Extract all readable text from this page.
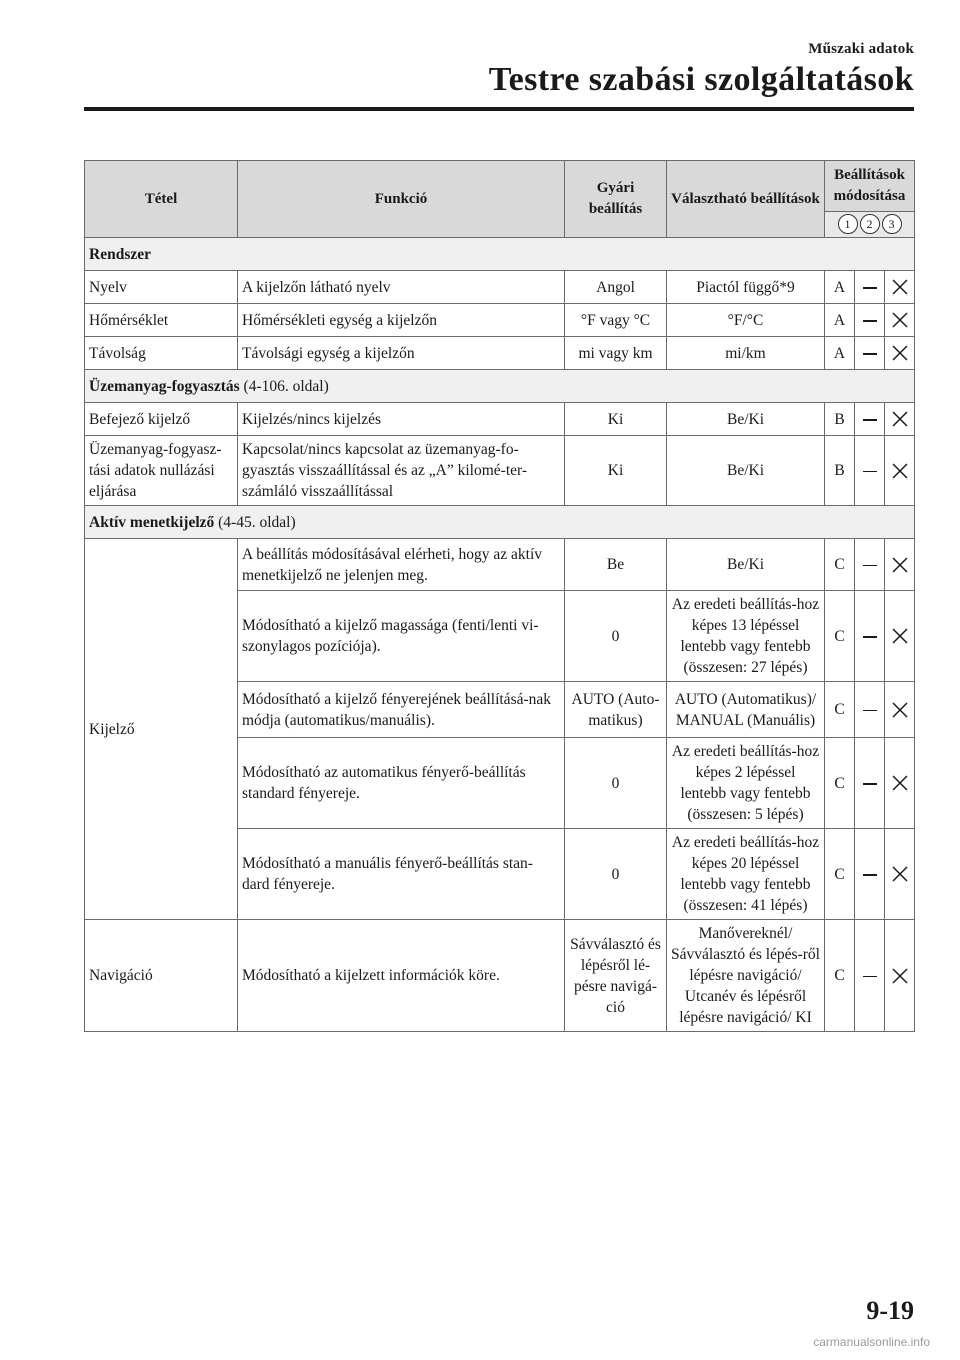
Műszaki adatok
Testre szabási szolgáltatások
Tétel	Funkció	Gyári beállítás	Választható beállítások	Beállítások módosítása		
				1 2 3		
Rendszer						
Nyelv	A kijelzőn látható nyelv	Angol	Piactól függő*9	A		

Hőmérséklet	Hőmérsékleti egység a kijelzőn	°F vagy °C	°F/°C	A		

Távolság	Távolsági egység a kijelzőn	mi vagy km	mi/km	A		

Üzemanyag-fogyasztás (4-106. oldal)						
Befejező kijelző	Kijelzés/nincs kijelzés	Ki	Be/Ki	B		

Üzemanyag-fogyasz-tási adatok nullázási eljárása	Kapcsolat/nincs kapcsolat az üzemanyag-fo-gyasztás visszaállítással és az „A” kilomé-ter-számláló visszaállítással	Ki	Be/Ki	B		

Aktív menetkijelző (4-45. oldal)						
Kijelző	A beállítás módosításával elérheti, hogy az aktív menetkijelző ne jelenjen meg.	Be	Be/Ki	C		

	Módosítható a kijelző magassága (fenti/lenti vi-szonylagos pozíciója).	0	Az eredeti beállítás-hoz képes 13 lépéssel lentebb vagy fentebb (összesen: 27 lépés)	C		

	Módosítható a kijelző fényerejének beállításá-nak módja (automatikus/manuális).	AUTO (Auto-matikus)	AUTO (Automatikus)/ MANUAL (Manuális)	C		

	Módosítható az automatikus fényerő-beállítás standard fényereje.	0	Az eredeti beállítás-hoz képes 2 lépéssel lentebb vagy fentebb (összesen: 5 lépés)	C		

	Módosítható a manuális fényerő-beállítás stan-dard fényereje.	0	Az eredeti beállítás-hoz képes 20 lépéssel lentebb vagy fentebb (összesen: 41 lépés)	C		

Navigáció	Módosítható a kijelzett információk köre.	Sávválasztó és lépésről lé-pésre navigá-ció	Manővereknél/ Sávválasztó és lépés-ről lépésre navigáció/ Utcanév és lépésről lépésre navigáció/ KI	C		
9-19
carmanualsonline.info
